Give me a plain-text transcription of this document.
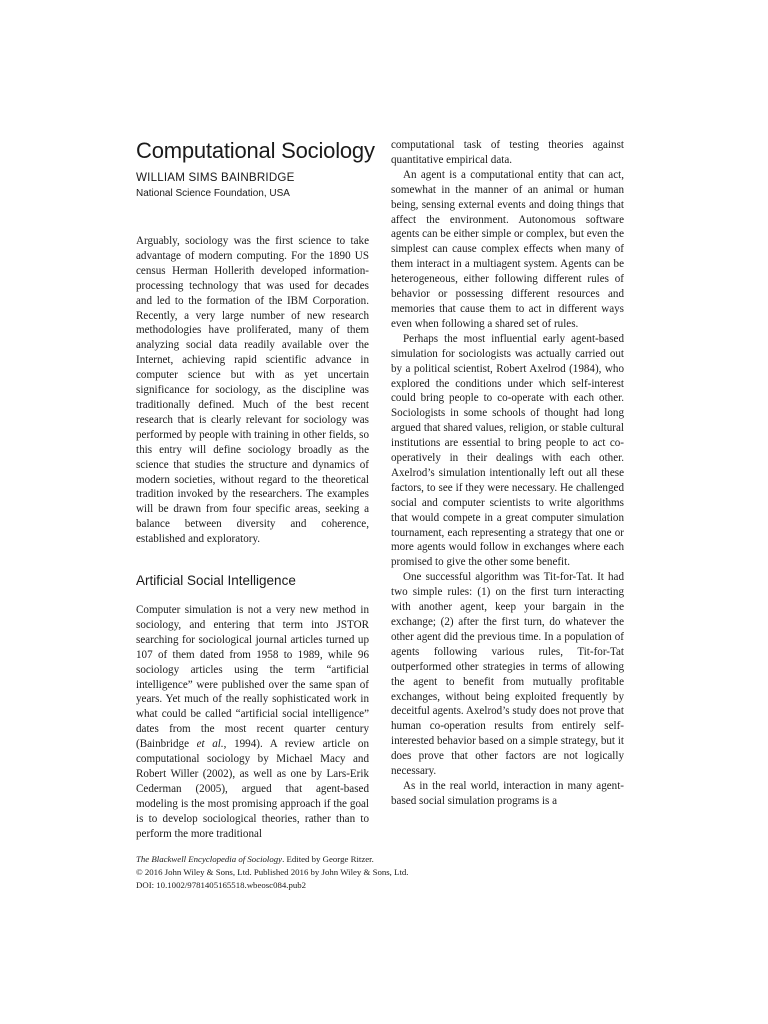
Computational Sociology
WILLIAM SIMS BAINBRIDGE
National Science Foundation, USA

Arguably, sociology was the first science to take advantage of modern computing. For the 1890 US census Herman Hollerith developed information-processing technology that was used for decades and led to the formation of the IBM Corporation. Recently, a very large number of new research methodologies have proliferated, many of them analyzing social data readily available over the Internet, achieving rapid scientific advance in computer science but with as yet uncertain significance for sociology, as the discipline was traditionally defined. Much of the best recent research that is clearly relevant for sociology was performed by people with training in other fields, so this entry will define sociology broadly as the science that studies the structure and dynamics of modern societies, without regard to the theoretical tradition invoked by the researchers. The examples will be drawn from four specific areas, seeking a balance between diversity and coherence, established and exploratory.

Artificial Social Intelligence

Computer simulation is not a very new method in sociology, and entering that term into JSTOR searching for sociological journal articles turned up 107 of them dated from 1958 to 1989, while 96 sociology articles using the term “artificial intelligence” were published over the same span of years. Yet much of the really sophisticated work in what could be called “artificial social intelligence” dates from the most recent quarter century (Bainbridge et al., 1994). A review article on computational sociology by Michael Macy and Robert Willer (2002), as well as one by Lars-Erik Cederman (2005), argued that agent-based modeling is the most promising approach if the goal is to develop sociological theories, rather than to perform the more traditional

computational task of testing theories against quantitative empirical data.

An agent is a computational entity that can act, somewhat in the manner of an animal or human being, sensing external events and doing things that affect the environment. Autonomous software agents can be either simple or complex, but even the simplest can cause complex effects when many of them interact in a multiagent system. Agents can be heterogeneous, either following different rules of behavior or possessing different resources and memories that cause them to act in different ways even when following a shared set of rules.

Perhaps the most influential early agent-based simulation for sociologists was actually carried out by a political scientist, Robert Axelrod (1984), who explored the conditions under which self-interest could bring people to co-operate with each other. Sociologists in some schools of thought had long argued that shared values, religion, or stable cultural institutions are essential to bring people to act co-operatively in their dealings with each other. Axelrod’s simulation intentionally left out all these factors, to see if they were necessary. He challenged social and computer scientists to write algorithms that would compete in a great computer simulation tournament, each representing a strategy that one or more agents would follow in exchanges where each promised to give the other some benefit.

One successful algorithm was Tit-for-Tat. It had two simple rules: (1) on the first turn interacting with another agent, keep your bargain in the exchange; (2) after the first turn, do whatever the other agent did the previous time. In a population of agents following various rules, Tit-for-Tat outperformed other strategies in terms of allowing the agent to benefit from mutually profitable exchanges, without being exploited frequently by deceitful agents. Axelrod’s study does not prove that human co-operation results from entirely self-interested behavior based on a simple strategy, but it does prove that other factors are not logically necessary.

As in the real world, interaction in many agent-based social simulation programs is a

The Blackwell Encyclopedia of Sociology. Edited by George Ritzer.
© 2016 John Wiley & Sons, Ltd. Published 2016 by John Wiley & Sons, Ltd.
DOI: 10.1002/9781405165518.wbeosc084.pub2
